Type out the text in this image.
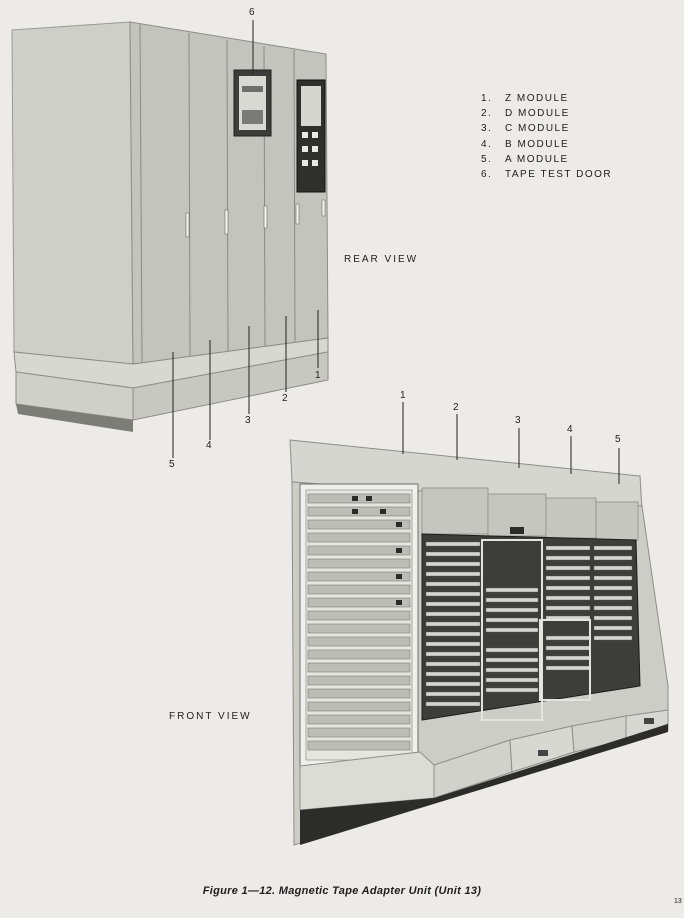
6
5
4
3
2
1
REAR VIEW
FRONT VIEW
1
2
3
4
5
1.	Z MODULE
2.	D MODULE
3.	C MODULE
4.	B MODULE
5.	A MODULE
6.	TAPE TEST DOOR
Figure 1—12. Magnetic Tape Adapter Unit (Unit 13)
13
